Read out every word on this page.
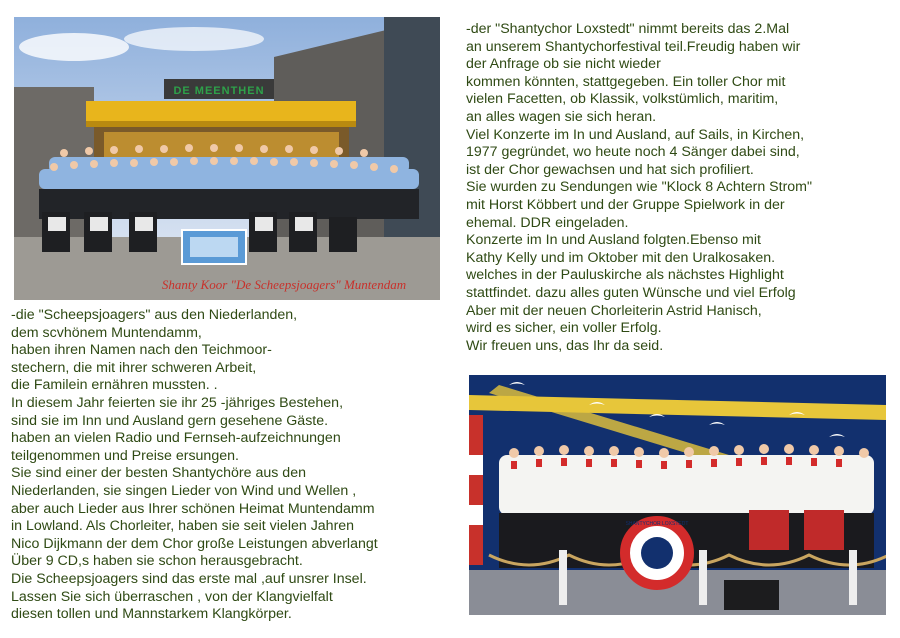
DE MEENTHEN
Shanty Koor "De Scheepsjoagers" Muntendam
SHANTYCHOR LOXSTEDT
-die "Scheepsjoagers" aus den Niederlanden,
dem scvhönem Muntendamm,
haben ihren Namen nach den Teichmoor-
stechern, die mit ihrer schweren Arbeit,
die Familein ernähren mussten. .
In diesem Jahr feierten sie ihr 25 -jähriges Bestehen,
sind sie im Inn und Ausland gern gesehene Gäste.
haben an vielen Radio und Fernseh-aufzeichnungen
teilgenommen und Preise ersungen.
Sie sind einer der besten Shantychöre aus den
Niederlanden, sie singen Lieder von Wind und Wellen ,
aber auch Lieder aus Ihrer schönen Heimat Muntendamm
in Lowland. Als Chorleiter, haben sie seit vielen Jahren
Nico Dijkmann der dem Chor große Leistungen abverlangt
Über 9 CD,s haben sie schon herausgebracht.
Die Scheepsjoagers sind das erste mal ,auf unsrer Insel.
Lassen Sie sich überraschen , von der Klangvielfalt
diesen tollen und Mannstarkem Klangkörper.
-der "Shantychor Loxstedt" nimmt bereits das 2.Mal
an unserem Shantychorfestival teil.Freudig haben wir
der Anfrage ob sie nicht wieder
kommen könnten, stattgegeben. Ein toller Chor mit
vielen Facetten, ob Klassik, volkstümlich, maritim,
an alles wagen sie sich heran.
Viel Konzerte im In und Ausland, auf Sails, in Kirchen,
1977 gegründet, wo heute noch 4 Sänger dabei sind,
ist der Chor gewachsen und hat sich profiliert.
Sie wurden zu Sendungen wie "Klock 8 Achtern Strom"
mit Horst Köbbert und der Gruppe Spielwork in der
ehemal. DDR eingeladen.
Konzerte im In und Ausland folgten.Ebenso mit
Kathy Kelly und im Oktober mit den Uralkosaken.
welches in der Pauluskirche als nächstes Highlight
stattfindet. dazu alles guten Wünsche und viel Erfolg
Aber mit der neuen Chorleiterin Astrid Hanisch,
wird es sicher, ein voller Erfolg.
Wir freuen uns, das Ihr da seid.
